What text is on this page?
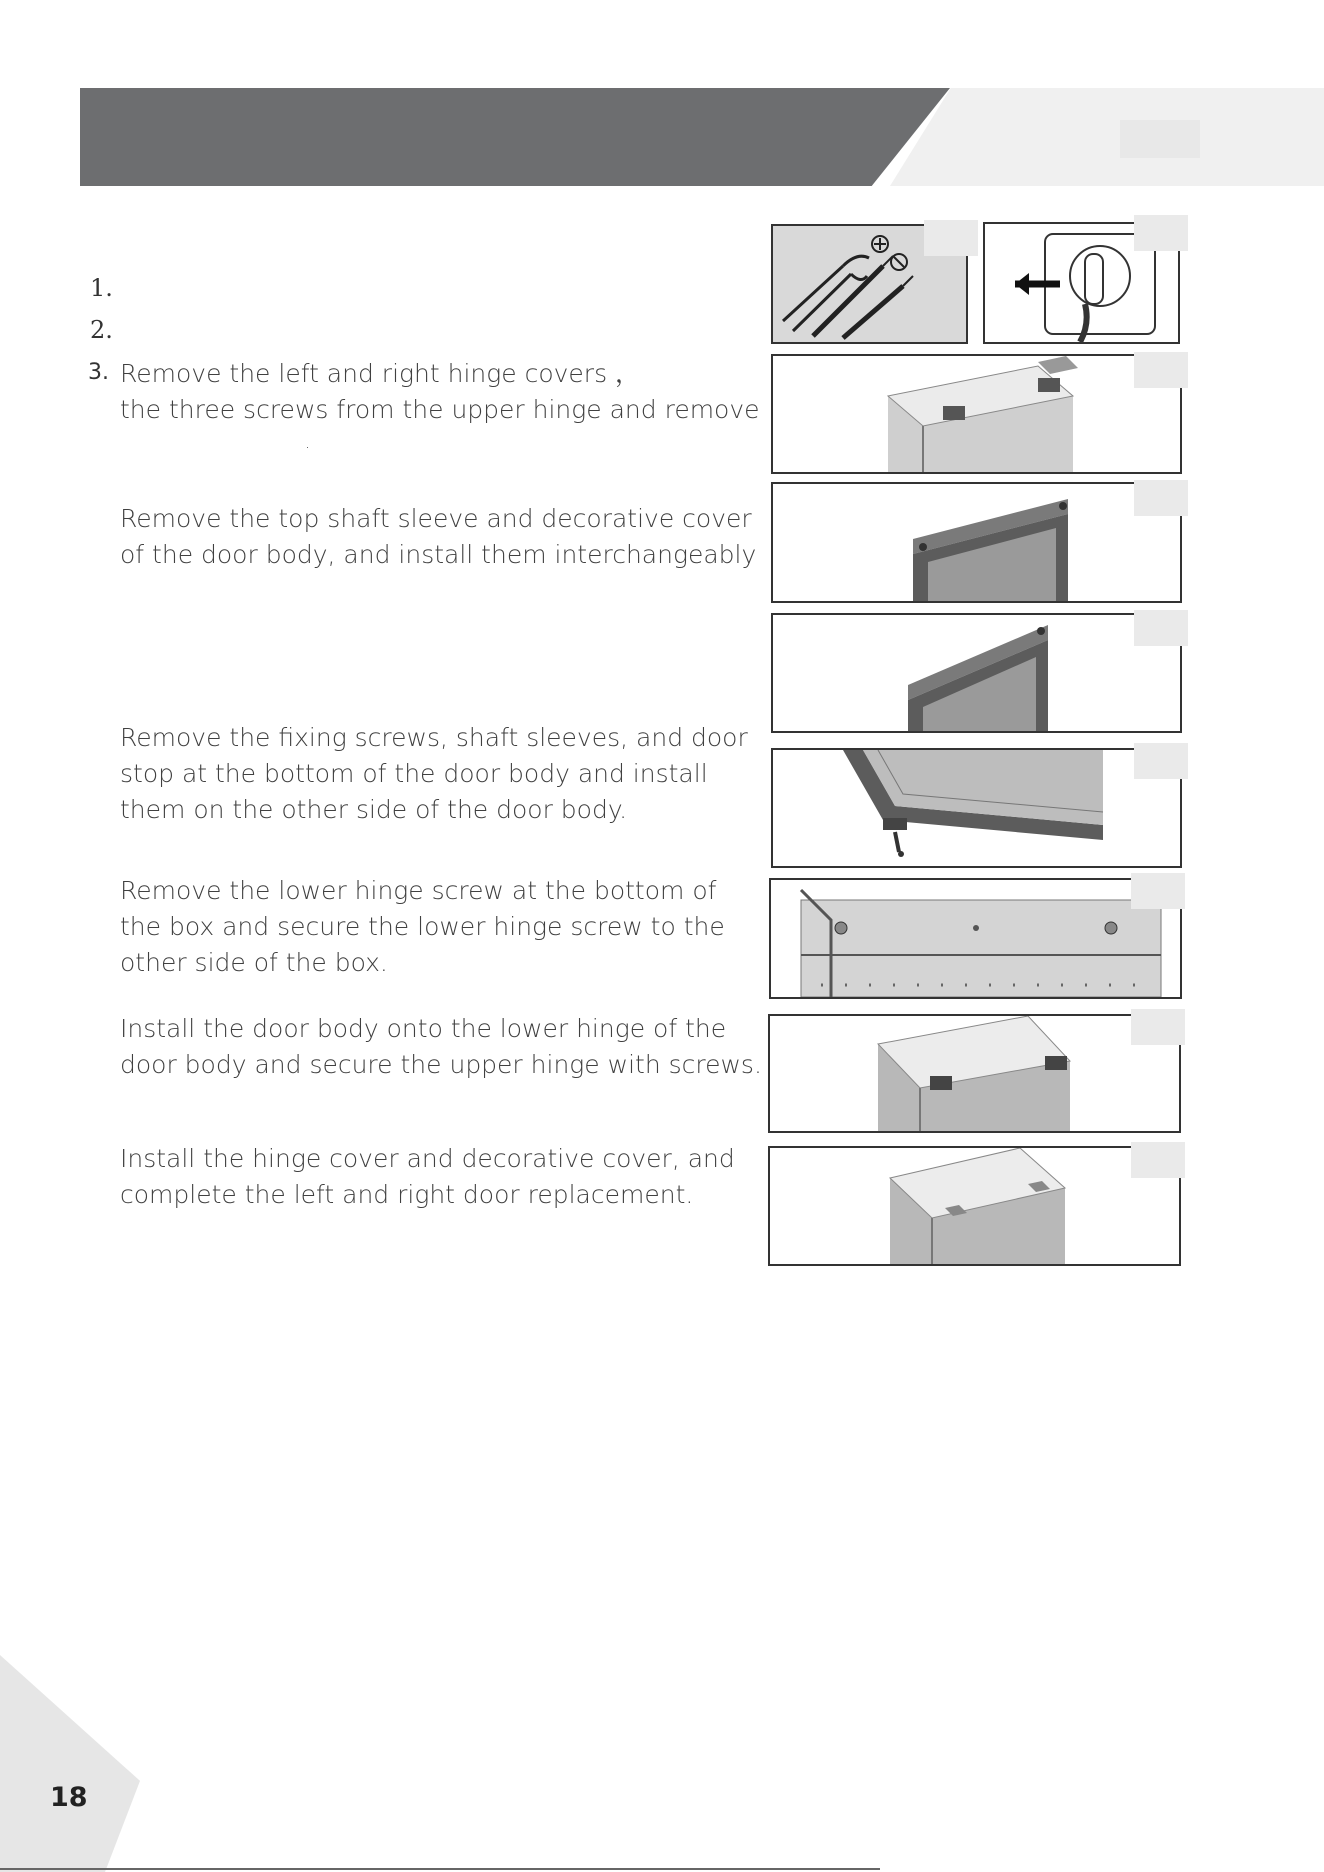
1.
2.
3. Remove the left and right hinge covers ，
the three screws from the upper hinge and remove
.
Remove the top shaft sleeve and decorative cover
of the door body, and install them interchangeably
Remove the fixing screws, shaft sleeves, and door
stop at the bottom of the door body and install
them on the other side of the door body.
Remove the lower hinge screw at the bottom of
the box and secure the lower hinge screw to the
other side of the box.
Install the door body onto the lower hinge of the
door body and secure the upper hinge with screws.
Install the hinge cover and decorative cover, and
complete the left and right door replacement.
18
